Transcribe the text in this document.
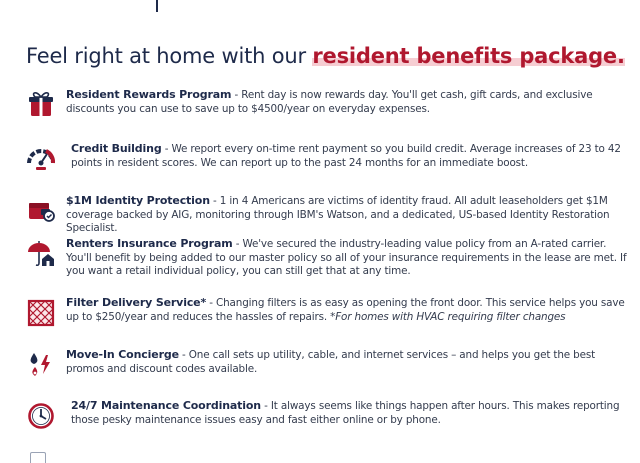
Feel right at home with our resident benefits package.
Resident Rewards Program - Rent day is now rewards day. You'll get cash, gift cards, and exclusive discounts you can use to save up to $4500/year on everyday expenses.
Credit Building - We report every on-time rent payment so you build credit. Average increases of 23 to 42 points in resident scores. We can report up to the past 24 months for an immediate boost.
$1M Identity Protection - 1 in 4 Americans are victims of identity fraud. All adult leaseholders get $1M coverage backed by AIG, monitoring through IBM's Watson, and a dedicated, US-based Identity Restoration Specialist.
Renters Insurance Program - We've secured the industry-leading value policy from an A-rated carrier. You'll benefit by being added to our master policy so all of your insurance requirements in the lease are met. If you want a retail individual policy, you can still get that at any time.
Filter Delivery Service* - Changing filters is as easy as opening the front door. This service helps you save up to $250/year and reduces the hassles of repairs. *For homes with HVAC requiring filter changes
Move-In Concierge - One call sets up utility, cable, and internet services – and helps you get the best promos and discount codes available.
24/7 Maintenance Coordination - It always seems like things happen after hours. This makes reporting those pesky maintenance issues easy and fast either online or by phone.
